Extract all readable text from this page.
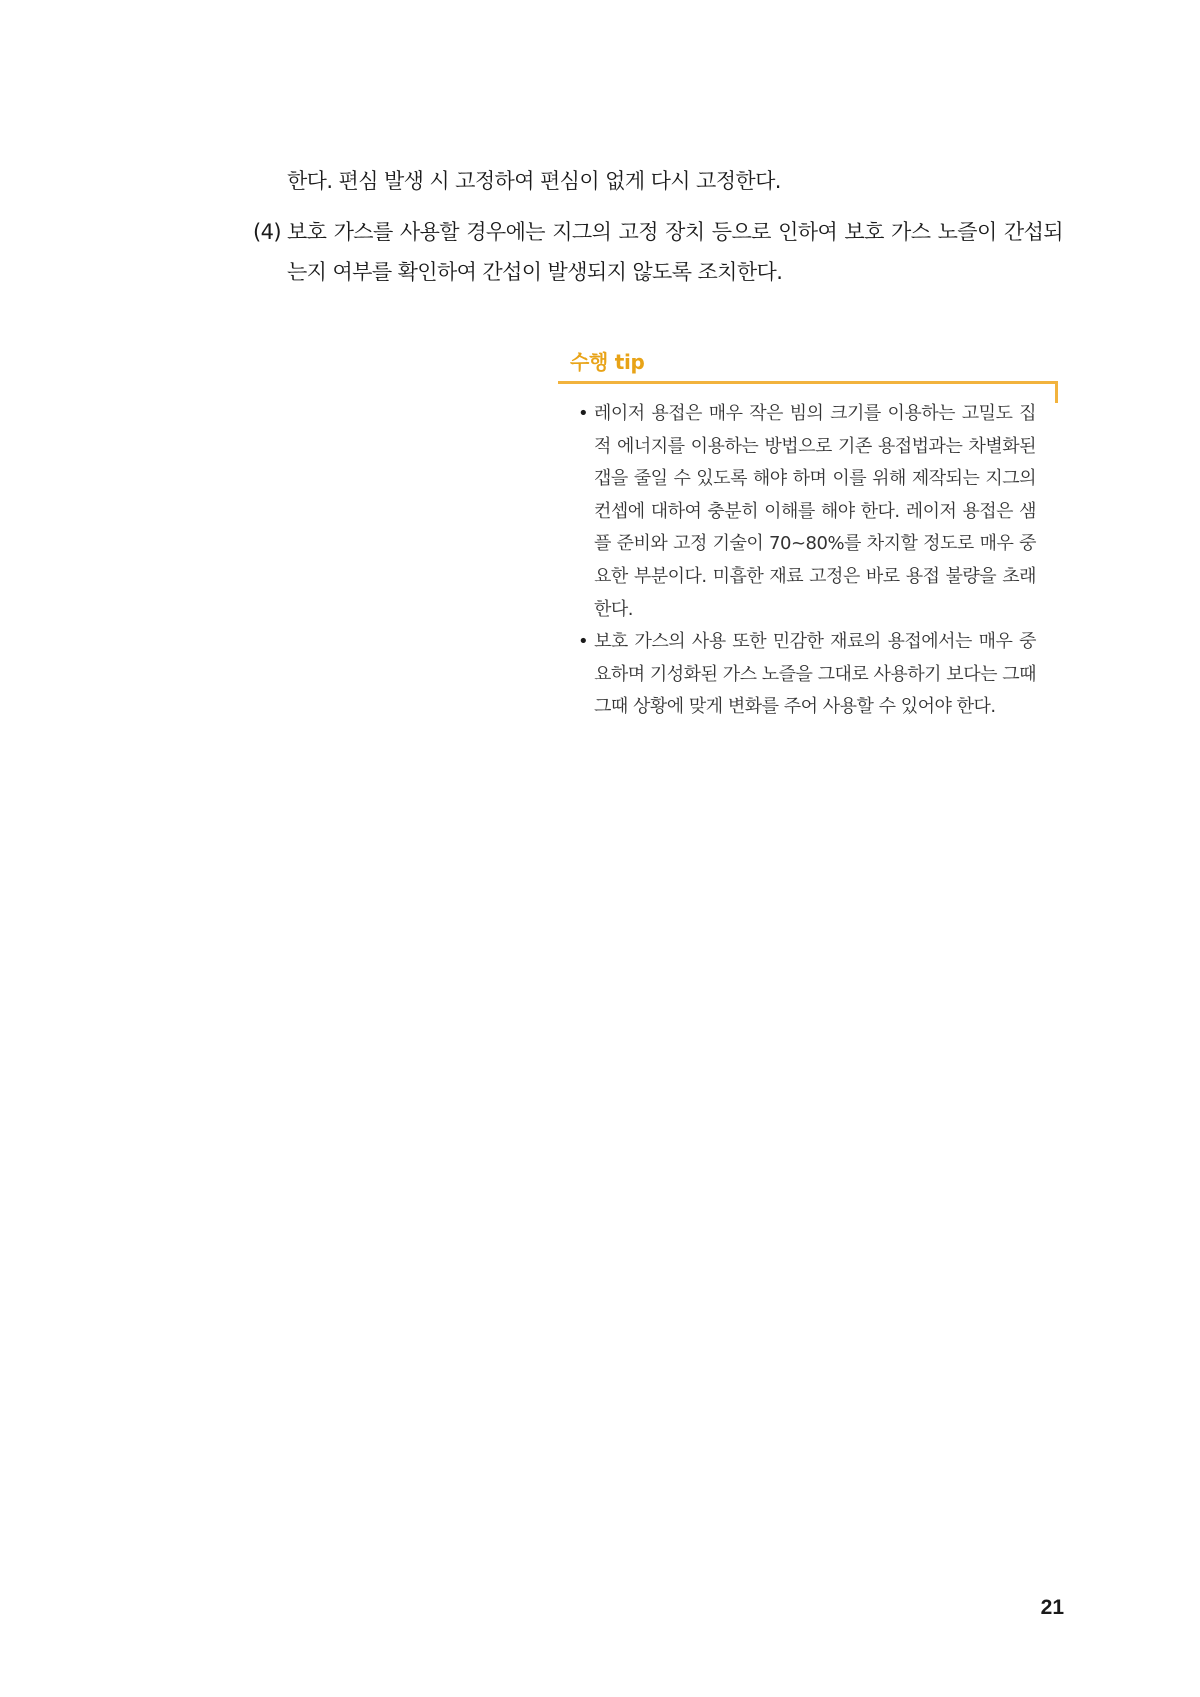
한다. 편심 발생 시 고정하여 편심이 없게 다시 고정한다.
(4) 보호 가스를 사용할 경우에는 지그의 고정 장치 등으로 인하여 보호 가스 노즐이 간섭되는지 여부를 확인하여 간섭이 발생되지 않도록 조치한다.
수행 tip
• 레이저 용접은 매우 작은 빔의 크기를 이용하는 고밀도 집적 에너지를 이용하는 방법으로 기존 용접법과는 차별화된 갭을 줄일 수 있도록 해야 하며 이를 위해 제작되는 지그의 컨셉에 대하여 충분히 이해를 해야 한다. 레이저 용접은 샘플 준비와 고정 기술이 70~80%를 차지할 정도로 매우 중요한 부분이다. 미흡한 재료 고정은 바로 용접 불량을 초래한다.
• 보호 가스의 사용 또한 민감한 재료의 용접에서는 매우 중요하며 기성화된 가스 노즐을 그대로 사용하기 보다는 그때그때 상황에 맞게 변화를 주어 사용할 수 있어야 한다.
21
